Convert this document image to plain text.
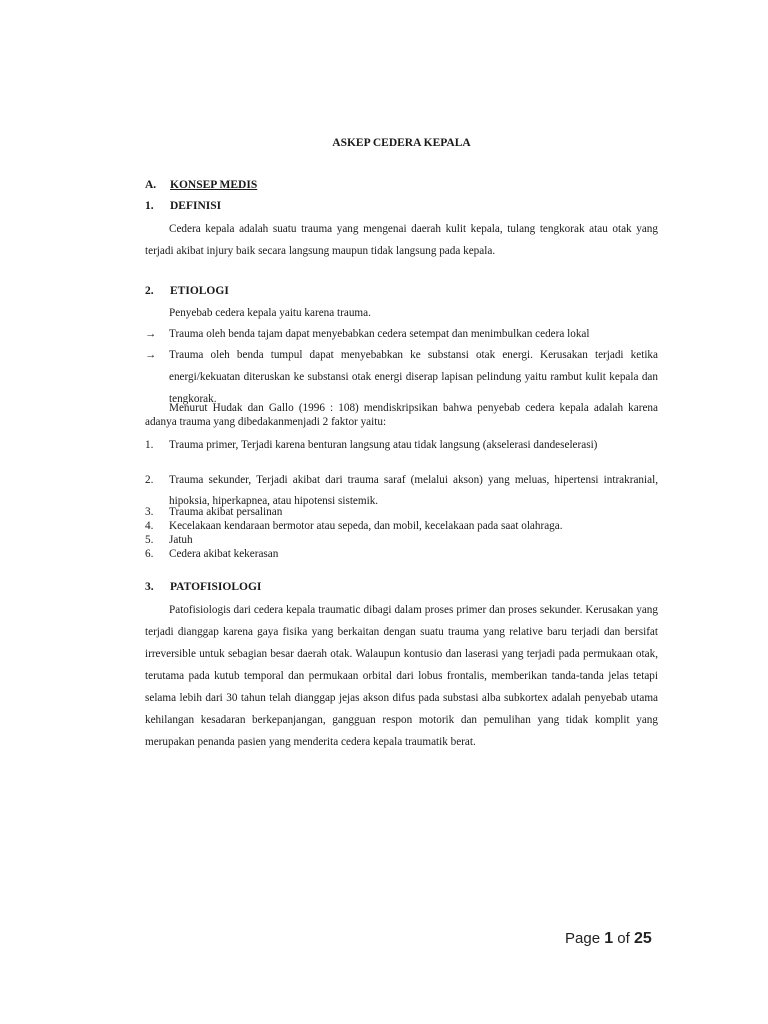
ASKEP CEDERA KEPALA
A. KONSEP MEDIS
1. DEFINISI
Cedera kepala adalah suatu trauma yang mengenai daerah kulit kepala, tulang tengkorak atau otak yang terjadi akibat injury baik secara langsung maupun tidak langsung pada kepala.
2. ETIOLOGI
Penyebab cedera kepala yaitu karena trauma.
→ Trauma oleh benda tajam dapat menyebabkan cedera setempat dan menimbulkan cedera lokal
→ Trauma oleh benda tumpul dapat menyebabkan ke substansi otak energi. Kerusakan terjadi ketika energi/kekuatan diteruskan ke substansi otak energi diserap lapisan pelindung yaitu rambut kulit kepala dan tengkorak.
Menurut Hudak dan Gallo (1996 : 108) mendiskripsikan bahwa penyebab cedera kepala adalah karena adanya trauma yang dibedakanmenjadi 2 faktor yaitu:
1. Trauma primer, Terjadi karena benturan langsung atau tidak langsung (akselerasi dandeselerasi)
2. Trauma sekunder, Terjadi akibat dari trauma saraf (melalui akson) yang meluas, hipertensi intrakranial, hipoksia, hiperkapnea, atau hipotensi sistemik.
3. Trauma akibat persalinan
4. Kecelakaan kendaraan bermotor atau sepeda, dan mobil, kecelakaan pada saat olahraga.
5. Jatuh
6. Cedera akibat kekerasan
3. PATOFISIOLOGI
Patofisiologis dari cedera kepala traumatic dibagi dalam proses primer dan proses sekunder. Kerusakan yang terjadi dianggap karena gaya fisika yang berkaitan dengan suatu trauma yang relative baru terjadi dan bersifat irreversible untuk sebagian besar daerah otak. Walaupun kontusio dan laserasi yang terjadi pada permukaan otak, terutama pada kutub temporal dan permukaan orbital dari lobus frontalis, memberikan tanda-tanda jelas tetapi selama lebih dari 30 tahun telah dianggap jejas akson difus pada substasi alba subkortex adalah penyebab utama kehilangan kesadaran berkepanjangan, gangguan respon motorik dan pemulihan yang tidak komplit yang merupakan penanda pasien yang menderita cedera kepala traumatik berat.
Page 1 of 25
